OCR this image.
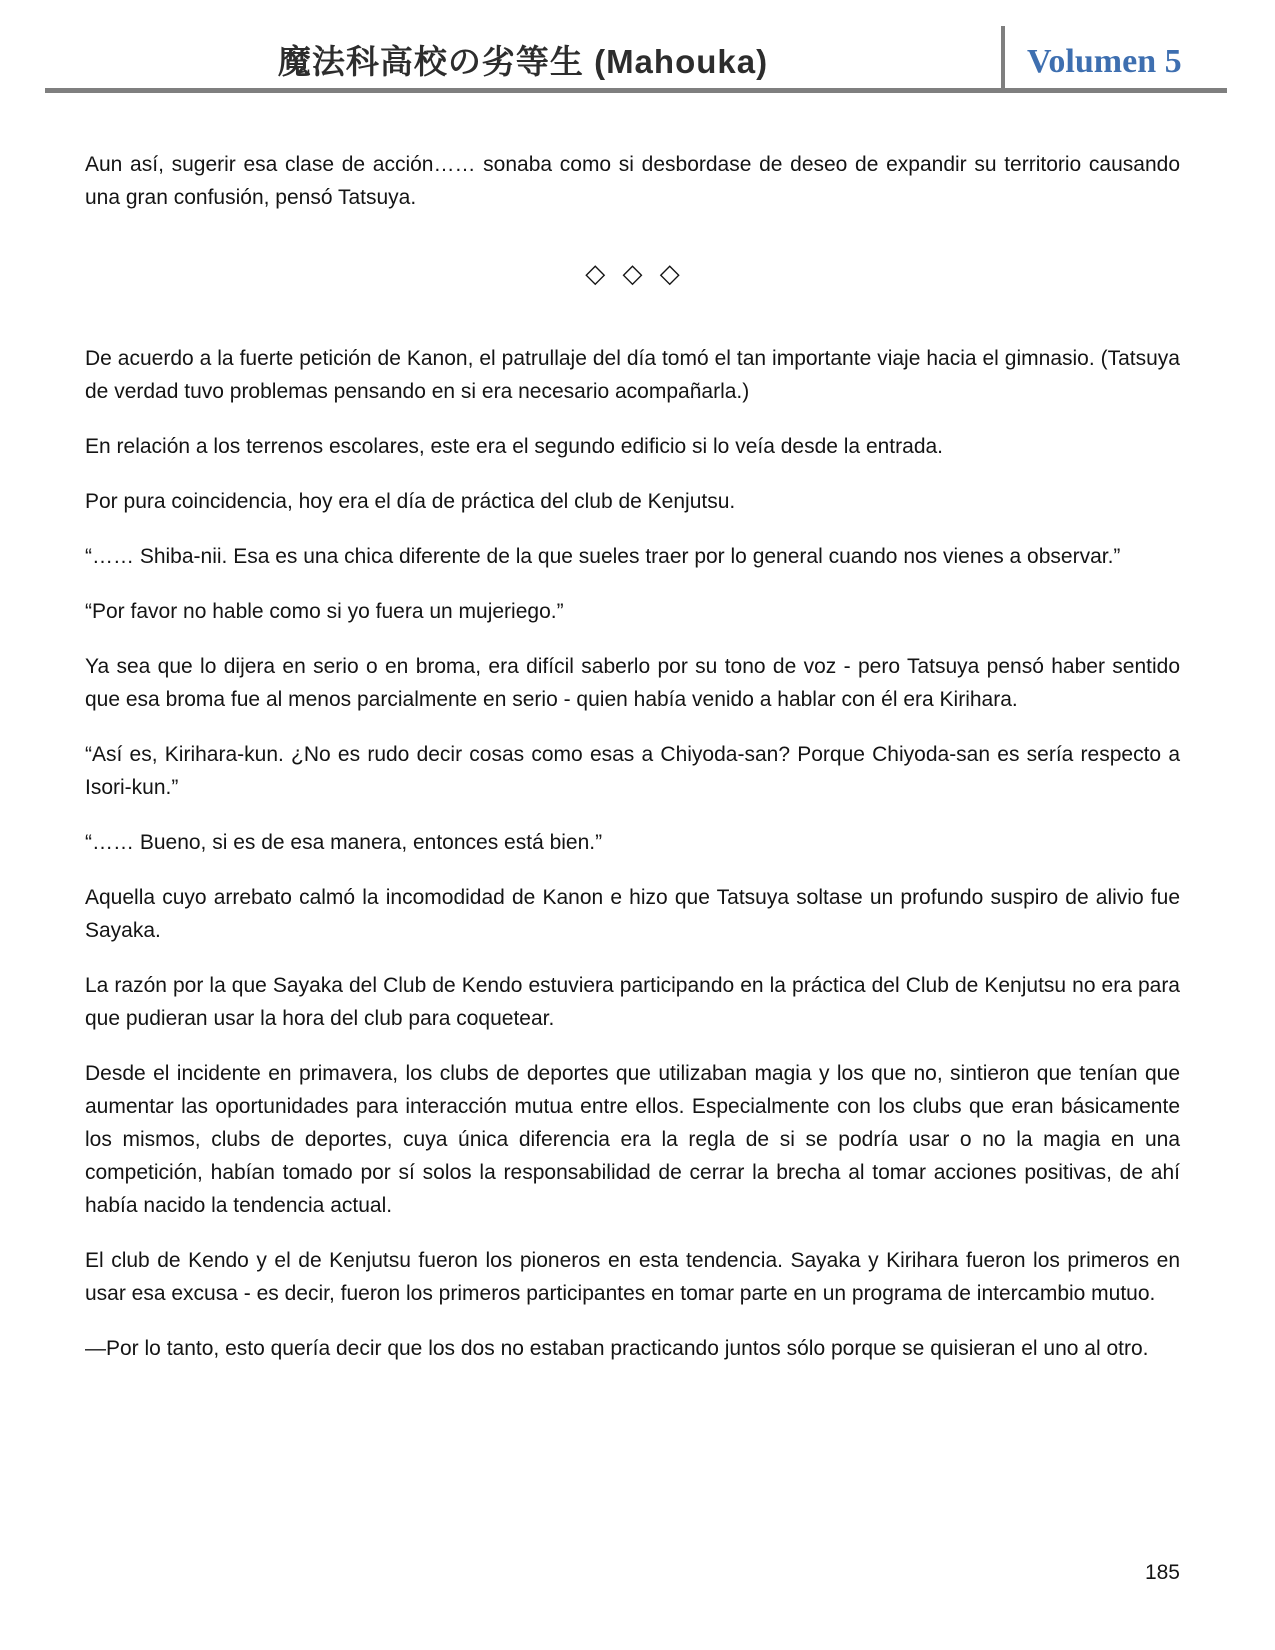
魔法科高校の劣等生 (Mahouka)	Volumen 5

Aun así, sugerir esa clase de acción…… sonaba como si desbordase de deseo de expandir su territorio causando una gran confusión, pensó Tatsuya.

◇ ◇ ◇

De acuerdo a la fuerte petición de Kanon, el patrullaje del día tomó el tan importante viaje hacia el gimnasio. (Tatsuya de verdad tuvo problemas pensando en si era necesario acompañarla.)

En relación a los terrenos escolares, este era el segundo edificio si lo veía desde la entrada.

Por pura coincidencia, hoy era el día de práctica del club de Kenjutsu.

“…… Shiba-nii. Esa es una chica diferente de la que sueles traer por lo general cuando nos vienes a observar.”

“Por favor no hable como si yo fuera un mujeriego.”

Ya sea que lo dijera en serio o en broma, era difícil saberlo por su tono de voz - pero Tatsuya pensó haber sentido que esa broma fue al menos parcialmente en serio - quien había venido a hablar con él era Kirihara.

“Así es, Kirihara-kun. ¿No es rudo decir cosas como esas a Chiyoda-san? Porque Chiyoda-san es sería respecto a Isori-kun.”

“…… Bueno, si es de esa manera, entonces está bien.”

Aquella cuyo arrebato calmó la incomodidad de Kanon e hizo que Tatsuya soltase un profundo suspiro de alivio fue Sayaka.

La razón por la que Sayaka del Club de Kendo estuviera participando en la práctica del Club de Kenjutsu no era para que pudieran usar la hora del club para coquetear.

Desde el incidente en primavera, los clubs de deportes que utilizaban magia y los que no, sintieron que tenían que aumentar las oportunidades para interacción mutua entre ellos. Especialmente con los clubs que eran básicamente los mismos, clubs de deportes, cuya única diferencia era la regla de si se podría usar o no la magia en una competición, habían tomado por sí solos la responsabilidad de cerrar la brecha al tomar acciones positivas, de ahí había nacido la tendencia actual.

El club de Kendo y el de Kenjutsu fueron los pioneros en esta tendencia. Sayaka y Kirihara fueron los primeros en usar esa excusa - es decir, fueron los primeros participantes en tomar parte en un programa de intercambio mutuo.

—Por lo tanto, esto quería decir que los dos no estaban practicando juntos sólo porque se quisieran el uno al otro.

185
